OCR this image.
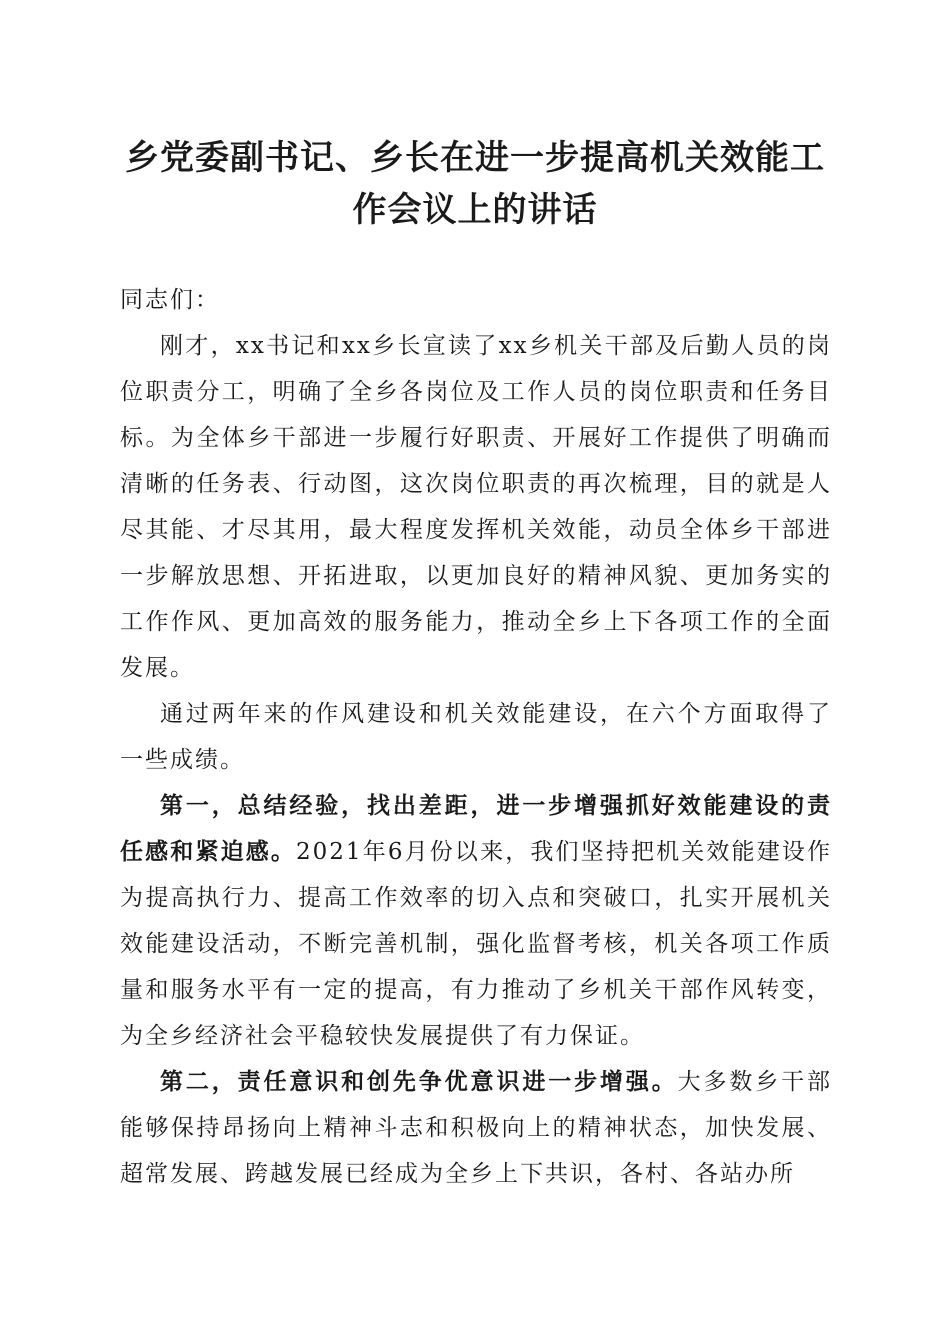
乡党委副书记、乡长在进一步提高机关效能工作会议上的讲话

同志们：

刚才，xx书记和xx乡长宣读了xx乡机关干部及后勤人员的岗位职责分工，明确了全乡各岗位及工作人员的岗位职责和任务目标。为全体乡干部进一步履行好职责、开展好工作提供了明确而清晰的任务表、行动图，这次岗位职责的再次梳理，目的就是人尽其能、才尽其用，最大程度发挥机关效能，动员全体乡干部进一步解放思想、开拓进取，以更加良好的精神风貌、更加务实的工作作风、更加高效的服务能力，推动全乡上下各项工作的全面发展。

通过两年来的作风建设和机关效能建设，在六个方面取得了一些成绩。

第一，总结经验，找出差距，进一步增强抓好效能建设的责任感和紧迫感。2021年6月份以来，我们坚持把机关效能建设作为提高执行力、提高工作效率的切入点和突破口，扎实开展机关效能建设活动，不断完善机制，强化监督考核，机关各项工作质量和服务水平有一定的提高，有力推动了乡机关干部作风转变，为全乡经济社会平稳较快发展提供了有力保证。

第二，责任意识和创先争优意识进一步增强。大多数乡干部能够保持昂扬向上精神斗志和积极向上的精神状态，加快发展、超常发展、跨越发展已经成为全乡上下共识，各村、各站办所
